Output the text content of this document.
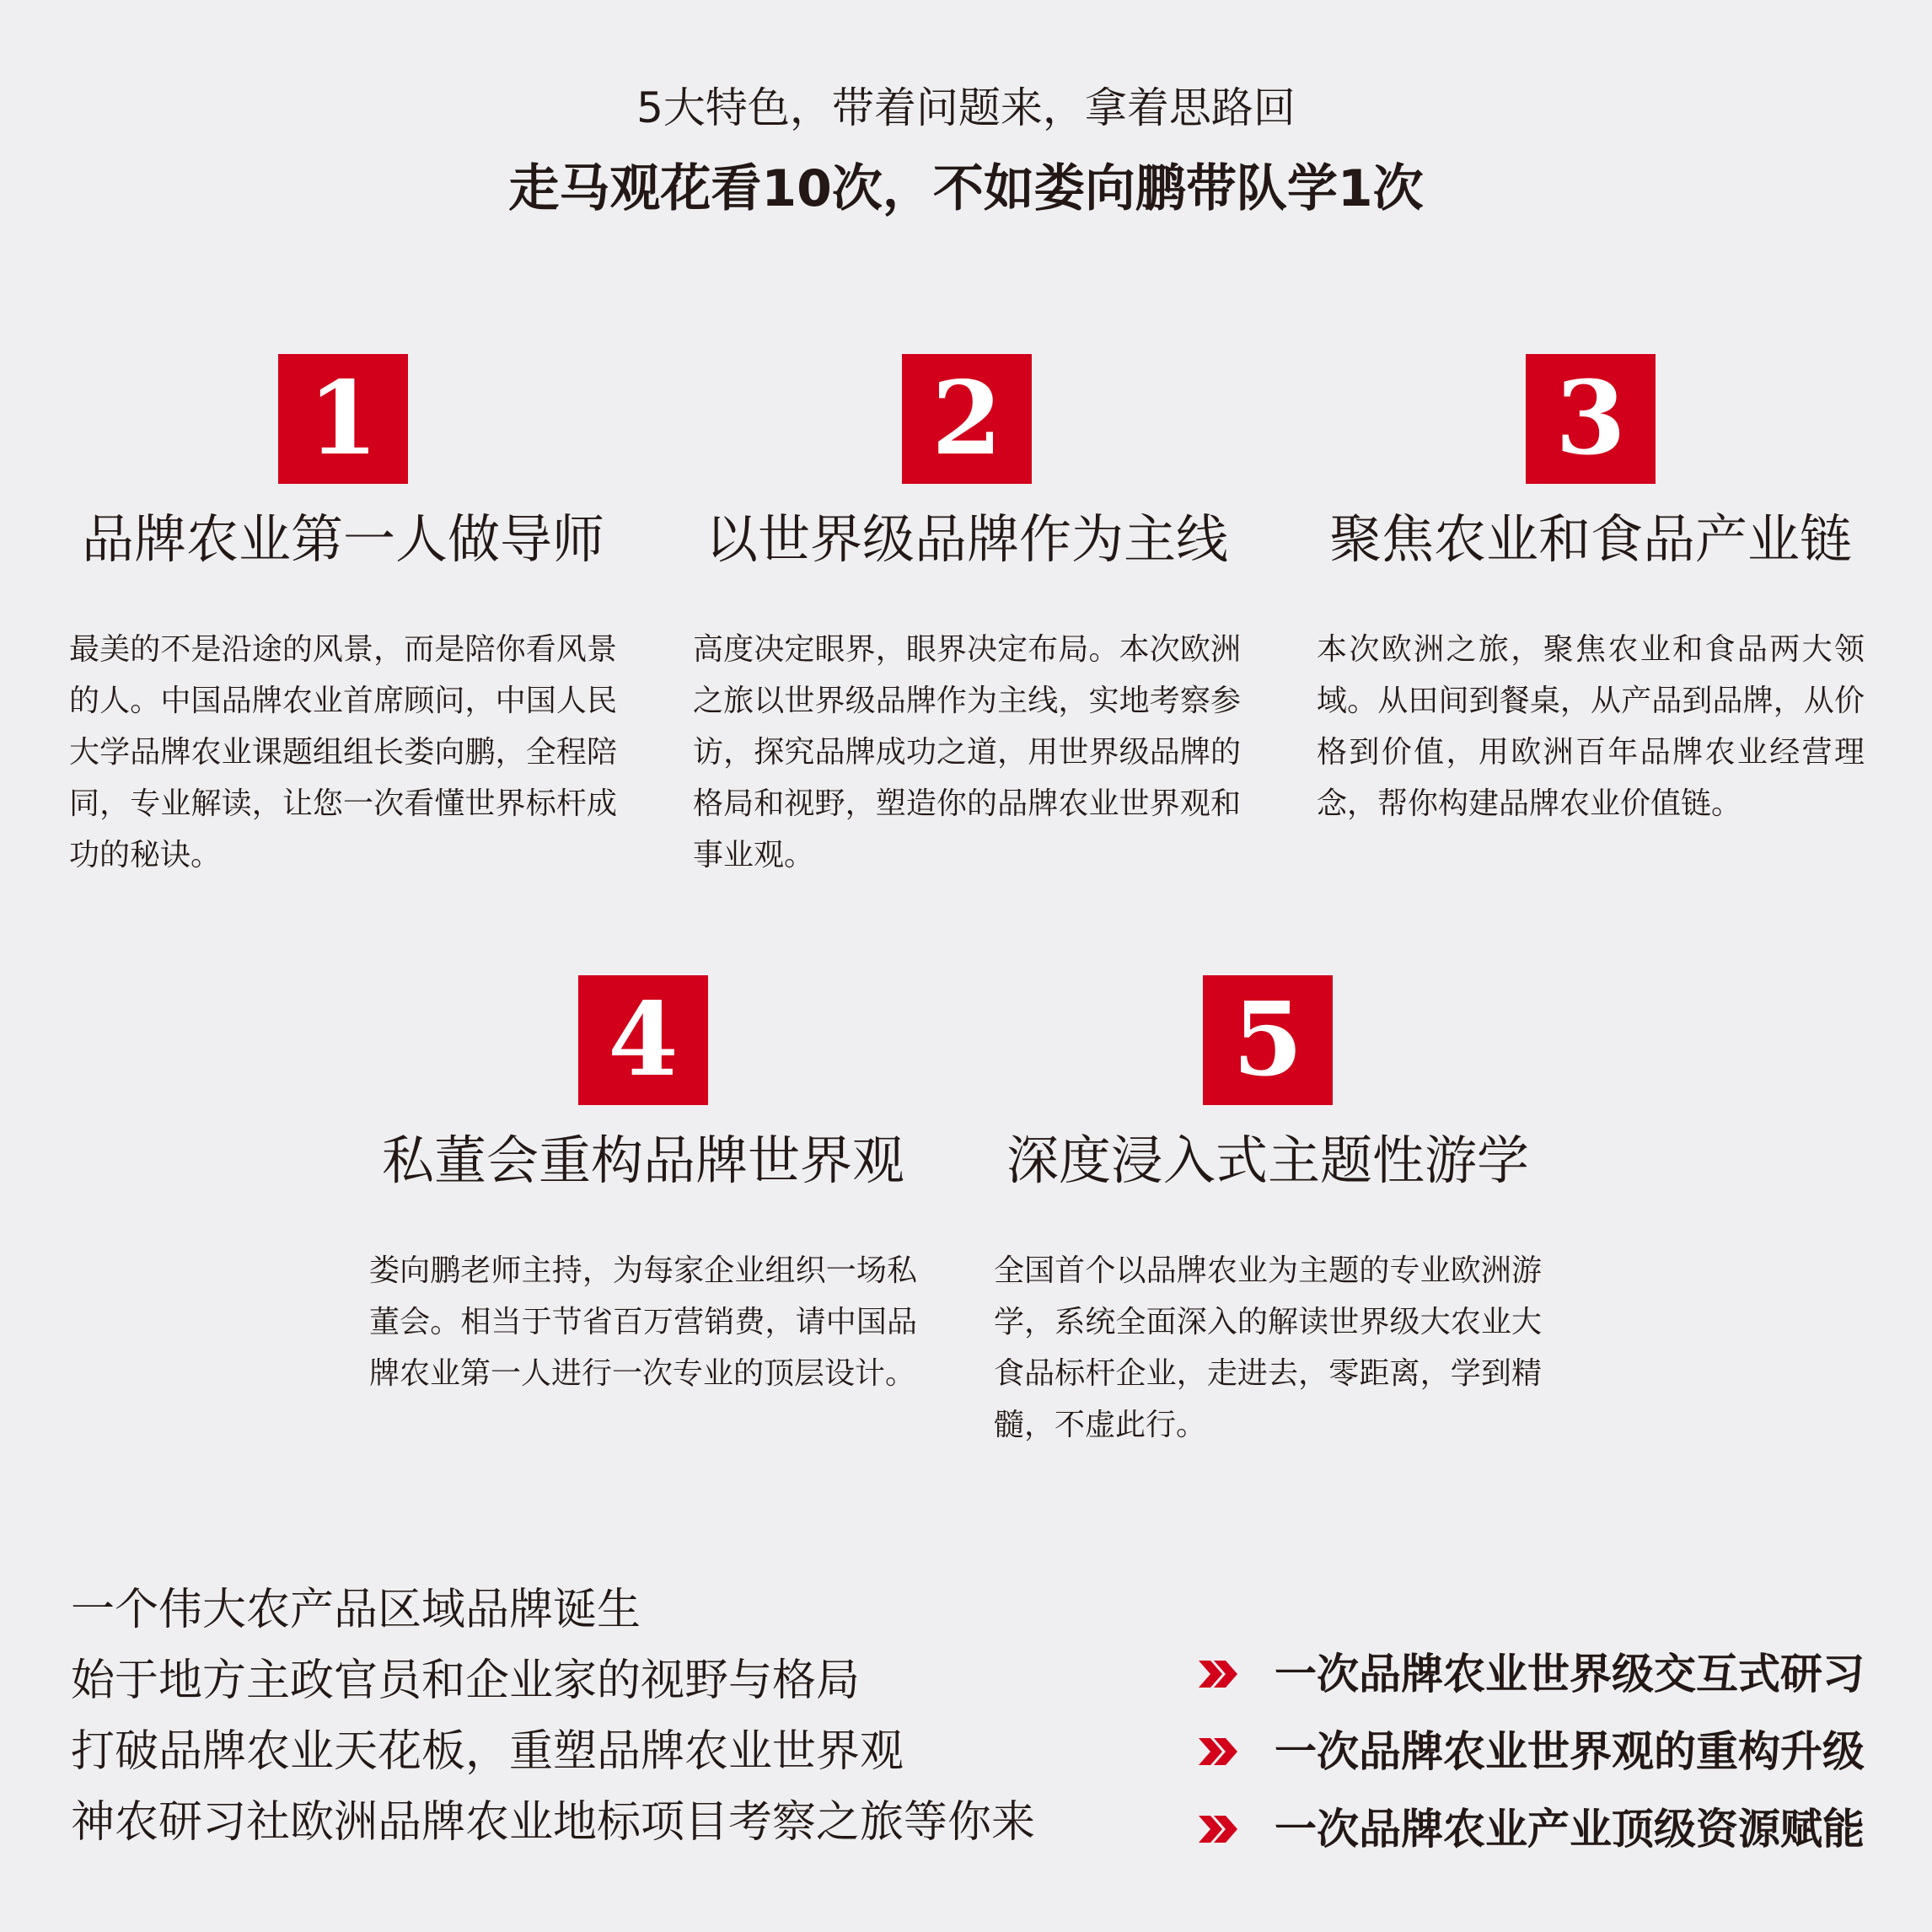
5大特色，带着问题来，拿着思路回
走马观花看10次，不如娄向鹏带队学1次
1
品牌农业第一人做导师
最美的不是沿途的风景，而是陪你看风景的人。中国品牌农业首席顾问，中国人民大学品牌农业课题组组长娄向鹏，全程陪同，专业解读，让您一次看懂世界标杆成功的秘诀。
2
以世界级品牌作为主线
高度决定眼界，眼界决定布局。本次欧洲之旅以世界级品牌作为主线，实地考察参访，探究品牌成功之道，用世界级品牌的格局和视野，塑造你的品牌农业世界观和事业观。
3
聚焦农业和食品产业链
本次欧洲之旅，聚焦农业和食品两大领域。从田间到餐桌，从产品到品牌，从价格到价值，用欧洲百年品牌农业经营理念，帮你构建品牌农业价值链。
4
私董会重构品牌世界观
娄向鹏老师主持，为每家企业组织一场私董会。相当于节省百万营销费，请中国品牌农业第一人进行一次专业的顶层设计。
5
深度浸入式主题性游学
全国首个以品牌农业为主题的专业欧洲游学，系统全面深入的解读世界级大农业大食品标杆企业，走进去，零距离，学到精髓，不虚此行。
一个伟大农产品区域品牌诞生
始于地方主政官员和企业家的视野与格局
打破品牌农业天花板，重塑品牌农业世界观
神农研习社欧洲品牌农业地标项目考察之旅等你来
一次品牌农业世界级交互式研习
一次品牌农业世界观的重构升级
一次品牌农业产业顶级资源赋能
